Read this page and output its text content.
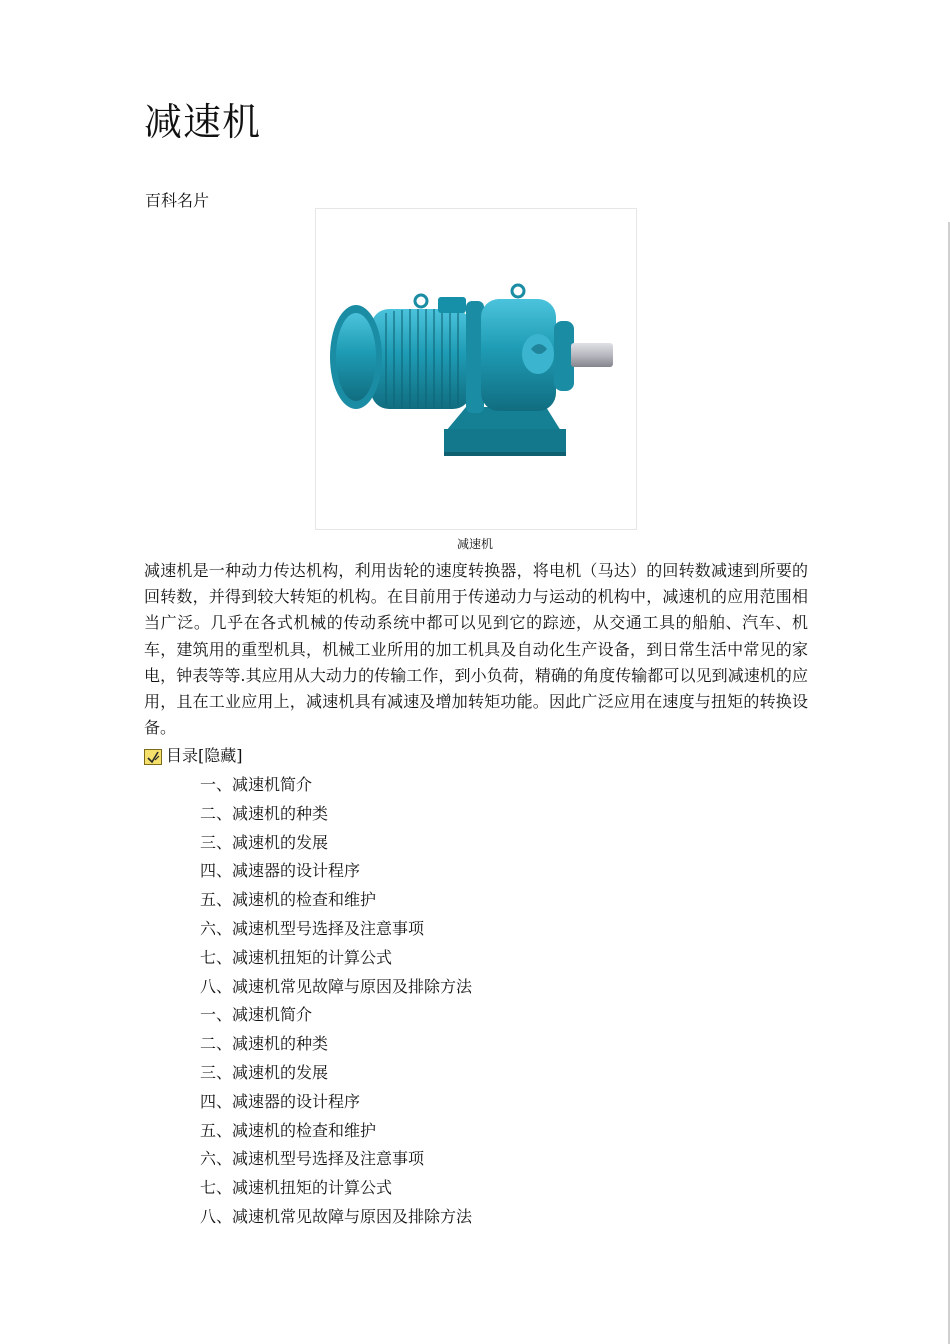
减速机
百科名片
减速机

减速机是一种动力传达机构，利用齿轮的速度转换器，将电机（马达）的回转数减速到所要的回转数，并得到较大转矩的机构。在目前用于传递动力与运动的机构中，减速机的应用范围相当广泛。几乎在各式机械的传动系统中都可以见到它的踪迹，从交通工具的船舶、汽车、机车，建筑用的重型机具，机械工业所用的加工机具及自动化生产设备，到日常生活中常见的家电，钟表等等.其应用从大动力的传输工作，到小负荷，精确的角度传输都可以见到减速机的应用，且在工业应用上，减速机具有减速及增加转矩功能。因此广泛应用在速度与扭矩的转换设备。

目录 [隐藏]
一、减速机简介
二、减速机的种类
三、减速机的发展
四、减速器的设计程序
五、减速机的检查和维护
六、减速机型号选择及注意事项
七、减速机扭矩的计算公式
八、减速机常见故障与原因及排除方法
一、减速机简介
二、减速机的种类
三、减速机的发展
四、减速器的设计程序
五、减速机的检查和维护
六、减速机型号选择及注意事项
七、减速机扭矩的计算公式
八、减速机常见故障与原因及排除方法
